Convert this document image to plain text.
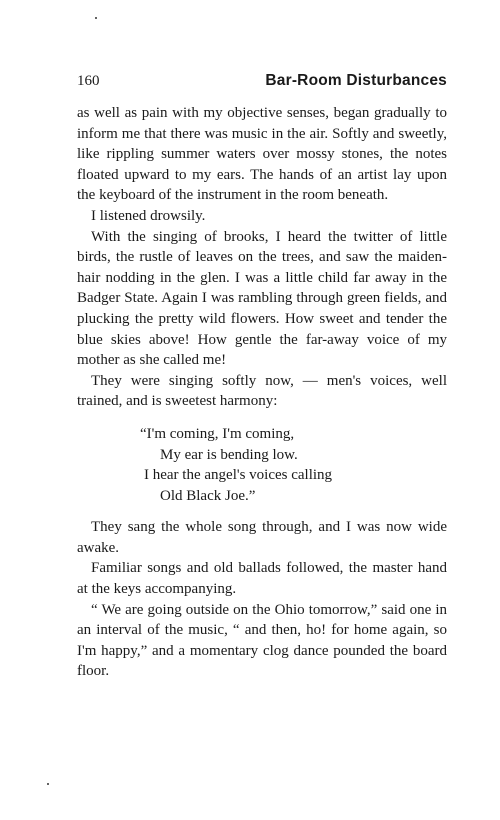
160	Bar-Room Disturbances

as well as pain with my objective senses, began gradually to inform me that there was music in the air. Softly and sweetly, like rippling summer waters over mossy stones, the notes floated upward to my ears. The hands of an artist lay upon the keyboard of the instrument in the room beneath.

I listened drowsily.

With the singing of brooks, I heard the twitter of little birds, the rustle of leaves on the trees, and saw the maiden-hair nodding in the glen. I was a little child far away in the Badger State. Again I was rambling through green fields, and plucking the pretty wild flowers. How sweet and tender the blue skies above! How gentle the far-away voice of my mother as she called me!

They were singing softly now, — men's voices, well trained, and is sweetest harmony:

“I'm coming, I'm coming,
My ear is bending low.
I hear the angel's voices calling
Old Black Joe.”

They sang the whole song through, and I was now wide awake.

Familiar songs and old ballads followed, the master hand at the keys accompanying.

“ We are going outside on the Ohio tomorrow,” said one in an interval of the music, “ and then, ho! for home again, so I'm happy,” and a momentary clog dance pounded the board floor.
